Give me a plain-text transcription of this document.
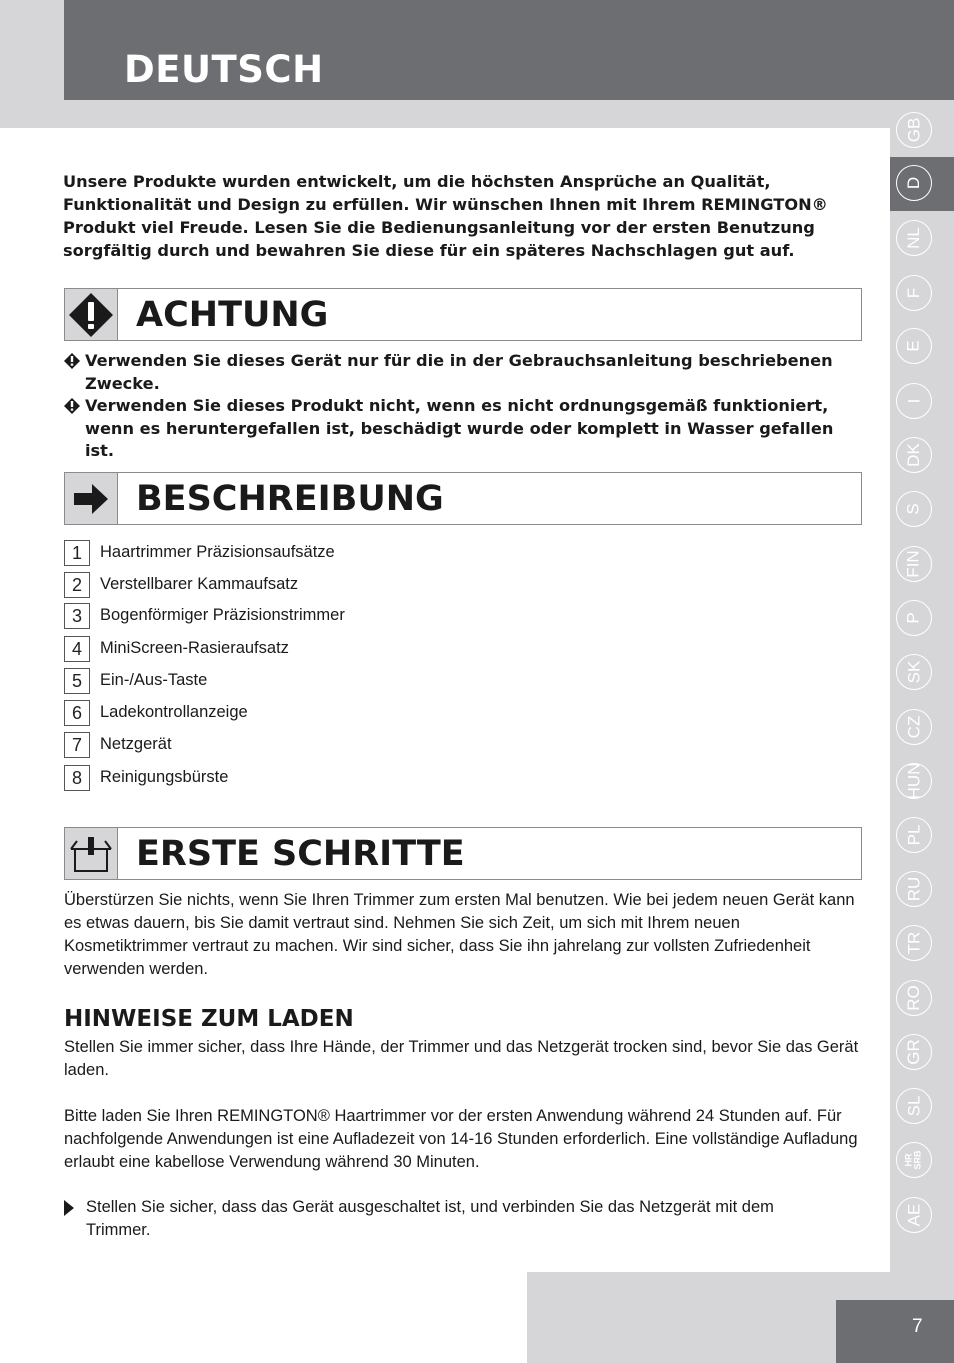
DEUTSCH
GB
D
NL
F
E
I
DK
S
FIN
P
SK
CZ
HUN
PL
RU
TR
RO
GR
SL
HR
SRB
AE
7
Unsere Produkte wurden entwickelt, um die höchsten Ansprüche an Qualität, Funktionalität und Design zu erfüllen. Wir wünschen Ihnen mit Ihrem REMINGTON® Produkt viel Freude. Lesen Sie die Bedienungsanleitung vor der ersten Benutzung sorgfältig durch und bewahren Sie diese für ein späteres Nachschlagen gut auf.
ACHTUNG
Verwenden Sie dieses Gerät nur für die in der Gebrauchsanleitung beschriebenen Zwecke.
Verwenden Sie dieses Produkt nicht, wenn es nicht ordnungsgemäß funktioniert, wenn es heruntergefallen ist, beschädigt wurde oder komplett in Wasser gefallen ist.
BESCHREIBUNG
1	Haartrimmer Präzisionsaufsätze
2	Verstellbarer Kammaufsatz
3	Bogenförmiger Präzisionstrimmer
4	MiniScreen-Rasieraufsatz
5	Ein-/Aus-Taste
6	Ladekontrollanzeige
7	Netzgerät
8	Reinigungsbürste
ERSTE SCHRITTE
Überstürzen Sie nichts, wenn Sie Ihren Trimmer zum ersten Mal benutzen. Wie bei jedem neuen Gerät kann es etwas dauern, bis Sie damit vertraut sind. Nehmen Sie sich Zeit, um sich mit Ihrem neuen Kosmetiktrimmer vertraut zu machen. Wir sind sicher, dass Sie ihn jahrelang zur vollsten Zufriedenheit verwenden werden.
HINWEISE ZUM LADEN
Stellen Sie immer sicher, dass Ihre Hände, der Trimmer und das Netzgerät trocken sind, bevor Sie das Gerät laden.
Bitte laden Sie Ihren REMINGTON® Haartrimmer vor der ersten Anwendung während 24 Stunden auf. Für nachfolgende Anwendungen ist eine Aufladezeit von 14-16 Stunden erforderlich. Eine vollständige Aufladung erlaubt eine kabellose Verwendung während 30 Minuten.
Stellen Sie sicher, dass das Gerät ausgeschaltet ist, und verbinden Sie das Netzgerät mit dem Trimmer.
